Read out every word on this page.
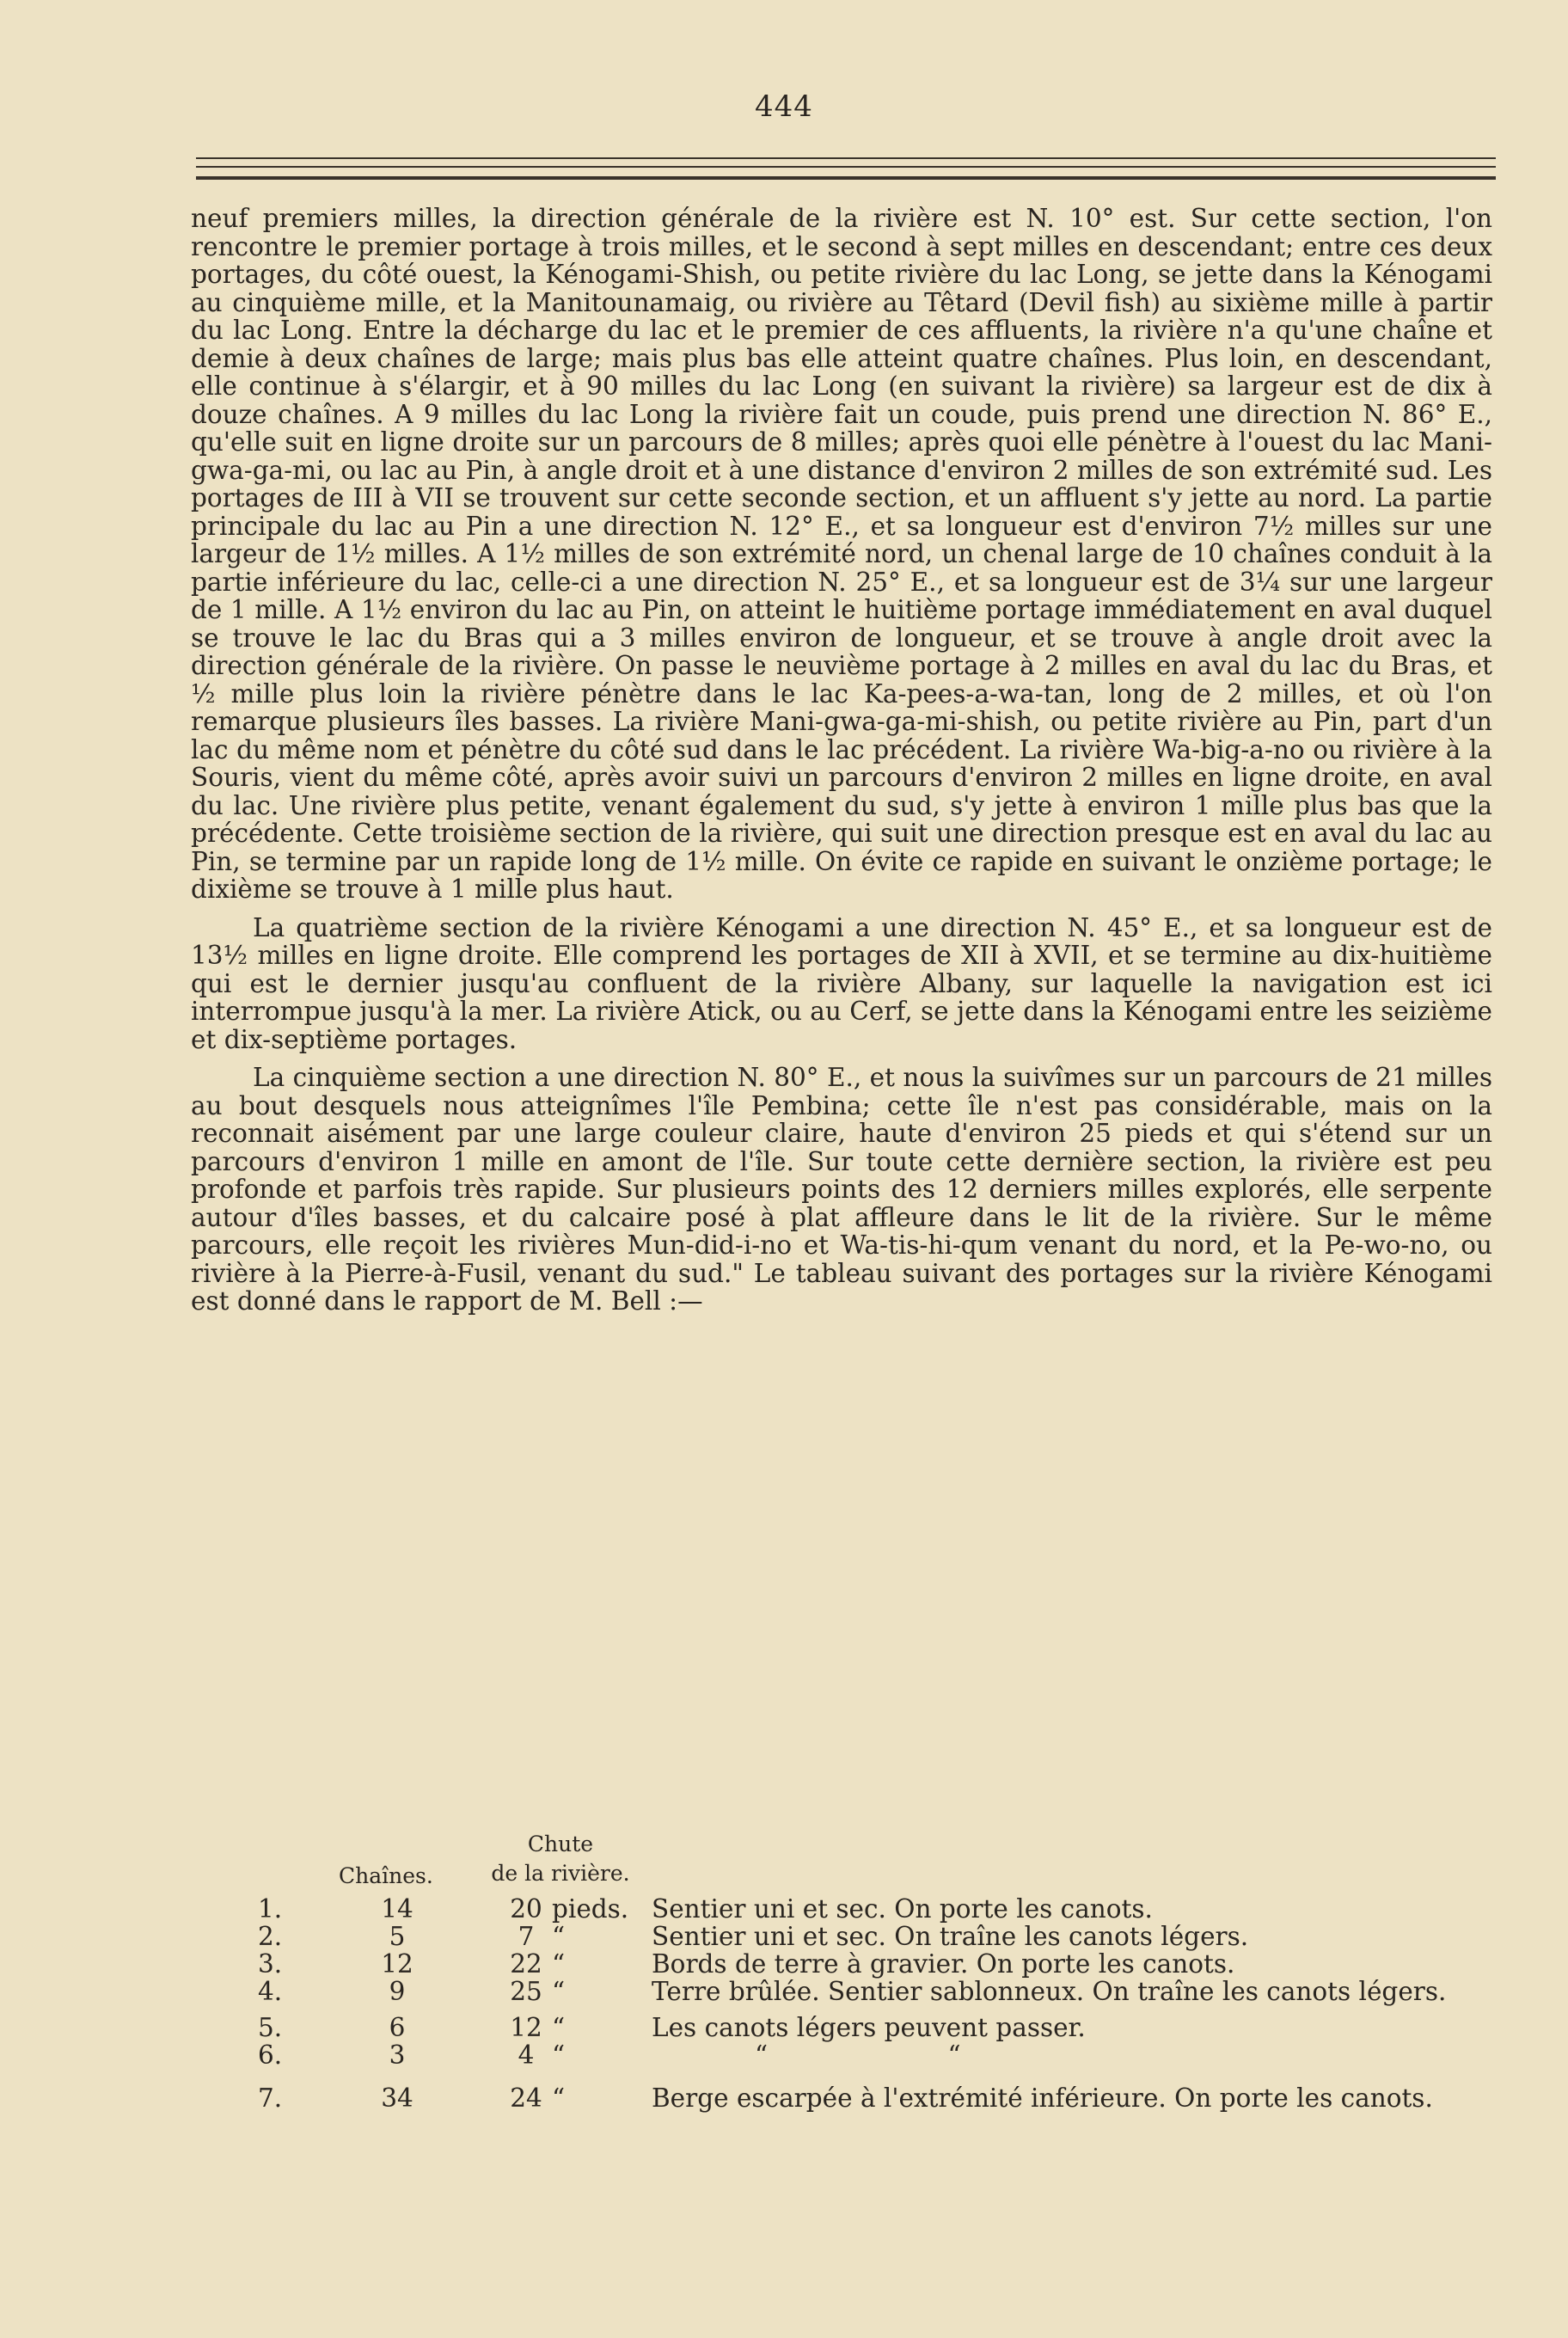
444

neuf premiers milles, la direction générale de la rivière est N. 10° est. Sur cette section, l'on rencontre le premier portage à trois milles, et le second à sept milles en descendant; entre ces deux portages, du côté ouest, la Kénogami-Shish, ou petite rivière du lac Long, se jette dans la Kénogami au cinquième mille, et la Manitounamaig, ou rivière au Têtard (Devil fish) au sixième mille à partir du lac Long. Entre la décharge du lac et le premier de ces affluents, la rivière n'a qu'une chaîne et demie à deux chaînes de large; mais plus bas elle atteint quatre chaînes. Plus loin, en descendant, elle continue à s'élargir, et à 90 milles du lac Long (en suivant la rivière) sa largeur est de dix à douze chaînes. A 9 milles du lac Long la rivière fait un coude, puis prend une direction N. 86° E., qu'elle suit en ligne droite sur un parcours de 8 milles; après quoi elle pénètre à l'ouest du lac Mani-gwa-ga-mi, ou lac au Pin, à angle droit et à une distance d'environ 2 milles de son extrémité sud. Les portages de III à VII se trouvent sur cette seconde section, et un affluent s'y jette au nord. La partie principale du lac au Pin a une direction N. 12° E., et sa longueur est d'environ 7½ milles sur une largeur de 1½ milles. A 1½ milles de son extrémité nord, un chenal large de 10 chaînes conduit à la partie inférieure du lac, celle-ci a une direction N. 25° E., et sa longueur est de 3¼ sur une largeur de 1 mille. A 1½ environ du lac au Pin, on atteint le huitième portage immédiatement en aval duquel se trouve le lac du Bras qui a 3 milles environ de longueur, et se trouve à angle droit avec la direction générale de la rivière. On passe le neuvième portage à 2 milles en aval du lac du Bras, et ½ mille plus loin la rivière pénètre dans le lac Ka-pees-a-wa-tan, long de 2 milles, et où l'on remarque plusieurs îles basses. La rivière Mani-gwa-ga-mi-shish, ou petite rivière au Pin, part d'un lac du même nom et pénètre du côté sud dans le lac précédent. La rivière Wa-big-a-no ou rivière à la Souris, vient du même côté, après avoir suivi un parcours d'environ 2 milles en ligne droite, en aval du lac. Une rivière plus petite, venant également du sud, s'y jette à environ 1 mille plus bas que la précédente. Cette troisième section de la rivière, qui suit une direction presque est en aval du lac au Pin, se termine par un rapide long de 1½ mille. On évite ce rapide en suivant le onzième portage; le dixième se trouve à 1 mille plus haut.

La quatrième section de la rivière Kénogami a une direction N. 45° E., et sa longueur est de 13½ milles en ligne droite. Elle comprend les portages de XII à XVII, et se termine au dix-huitième qui est le dernier jusqu'au confluent de la rivière Albany, sur laquelle la navigation est ici interrompue jusqu'à la mer. La rivière Atick, ou au Cerf, se jette dans la Kénogami entre les seizième et dix-septième portages.

La cinquième section a une direction N. 80° E., et nous la suivîmes sur un parcours de 21 milles au bout desquels nous atteignîmes l'île Pembina; cette île n'est pas considérable, mais on la reconnait aisément par une large couleur claire, haute d'environ 25 pieds et qui s'étend sur un parcours d'environ 1 mille en amont de l'île. Sur toute cette dernière section, la rivière est peu profonde et parfois très rapide. Sur plusieurs points des 12 derniers milles explorés, elle serpente autour d'îles basses, et du calcaire posé à plat affleure dans le lit de la rivière. Sur le même parcours, elle reçoit les rivières Mun-did-i-no et Wa-tis-hi-qum venant du nord, et la Pe-wo-no, ou rivière à la Pierre-à-Fusil, venant du sud." Le tableau suivant des portages sur la rivière Kénogami est donné dans le rapport de M. Bell :—

Chaînes.
Chute
de la rivière.
1.	14	20 pieds. Sentier uni et sec. On porte les canots.
2.	5	7 “	Sentier uni et sec. On traîne les canots légers.
3.	12	22 “	Bords de terre à gravier. On porte les canots.
4.	9	25 “	Terre brûlée. Sentier sablonneux. On traîne les canots légers.
5.	6	12 “	Les canots légers peuvent passer.
6.	3	4 “	“ “
7.	34	24 “	Berge escarpée à l'extrémité inférieure. On porte les canots.
